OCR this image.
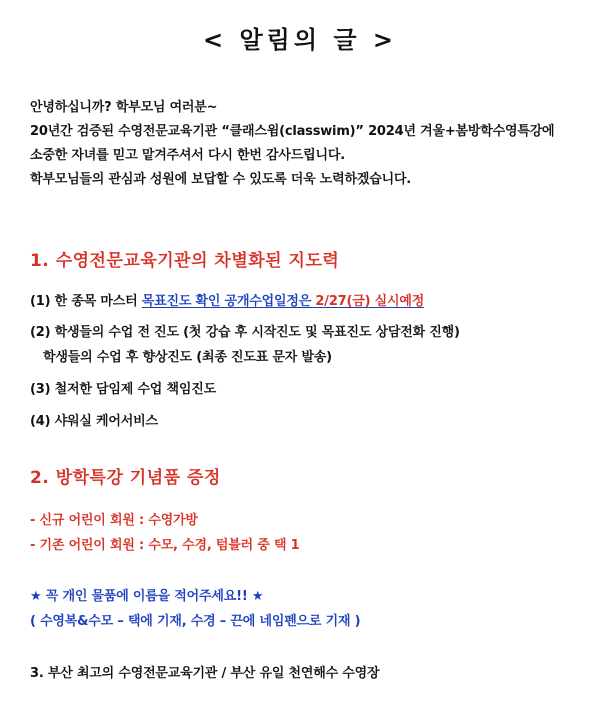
< 알림의 글 >
안녕하십니까? 학부모님 여러분~
20년간 검증된 수영전문교육기관 “클래스윔(classwim)” 2024년 겨울+봄방학수영특강에
소중한 자녀를 믿고 맡겨주셔서 다시 한번 감사드립니다.
학부모님들의 관심과 성원에 보답할 수 있도록 더욱 노력하겠습니다.
1. 수영전문교육기관의 차별화된 지도력
(1) 한 종목 마스터 목표진도 확인 공개수업일정은 2/27(금) 실시예정
(2) 학생들의 수업 전 진도 (첫 강습 후 시작진도 및 목표진도 상담전화 진행)
학생들의 수업 후 향상진도 (최종 진도표 문자 발송)
(3) 철저한 담임제 수업 책임진도
(4) 샤워실 케어서비스
2. 방학특강 기념품 증정
- 신규 어린이 회원 : 수영가방
- 기존 어린이 회원 : 수모, 수경, 텀블러 중 택 1
★ 꼭 개인 물품에 이름을 적어주세요!! ★
( 수영복&수모 – 택에 기재, 수경 – 끈에 네임펜으로 기재 )
3. 부산 최고의 수영전문교육기관 / 부산 유일 천연해수 수영장
